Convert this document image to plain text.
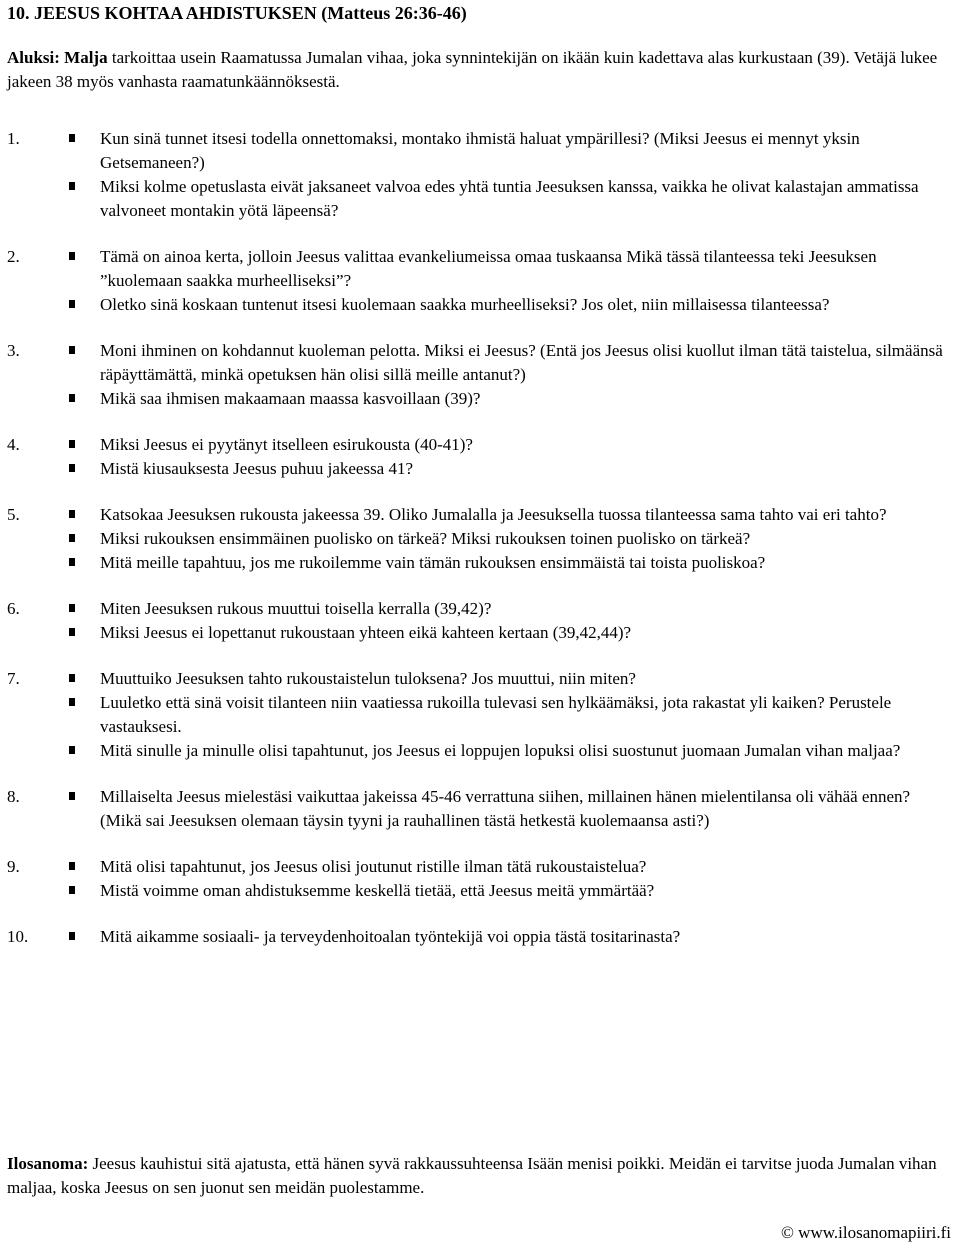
10. JEESUS KOHTAA AHDISTUKSEN (Matteus 26:36-46)

Aluksi: Malja tarkoittaa usein Raamatussa Jumalan vihaa, joka synnintekijän on ikään kuin kadettava alas kurkustaan (39). Vetäjä lukee jakeen 38 myös vanhasta raamatunkäännöksestä.

1.	Kun sinä tunnet itsesi todella onnettomaksi, montako ihmistä haluat ympärillesi? (Miksi Jeesus ei mennyt yksin Getsemaneen?)
Miksi kolme opetuslasta eivät jaksaneet valvoa edes yhtä tuntia Jeesuksen kanssa, vaikka he olivat kalastajan ammatissa valvoneet montakin yötä läpeensä?
2.	Tämä on ainoa kerta, jolloin Jeesus valittaa evankeliumeissa omaa tuskaansa Mikä tässä tilanteessa teki Jeesuksen ”kuolemaan saakka murheelliseksi”?
Oletko sinä koskaan tuntenut itsesi kuolemaan saakka murheelliseksi? Jos olet, niin millaisessa tilanteessa?
3.	Moni ihminen on kohdannut kuoleman pelotta. Miksi ei Jeesus? (Entä jos Jeesus olisi kuollut ilman tätä taistelua, silmäänsä räpäyttämättä, minkä opetuksen hän olisi sillä meille antanut?)
Mikä saa ihmisen makaamaan maassa kasvoillaan (39)?
4.	Miksi Jeesus ei pyytänyt itselleen esirukousta (40-41)?
Mistä kiusauksesta Jeesus puhuu jakeessa 41?
5.	Katsokaa Jeesuksen rukousta jakeessa 39. Oliko Jumalalla ja Jeesuksella tuossa tilanteessa sama tahto vai eri tahto?
Miksi rukouksen ensimmäinen puolisko on tärkeä? Miksi rukouksen toinen puolisko on tärkeä?
Mitä meille tapahtuu, jos me rukoilemme vain tämän rukouksen ensimmäistä tai toista puoliskoa?
6.	Miten Jeesuksen rukous muuttui toisella kerralla (39,42)?
Miksi Jeesus ei lopettanut rukoustaan yhteen eikä kahteen kertaan (39,42,44)?
7.	Muuttuiko Jeesuksen tahto rukoustaistelun tuloksena? Jos muuttui, niin miten?
Luuletko että sinä voisit tilanteen niin vaatiessa rukoilla tulevasi sen hylkäämäksi, jota rakastat yli kaiken? Perustele vastauksesi.
Mitä sinulle ja minulle olisi tapahtunut, jos Jeesus ei loppujen lopuksi olisi suostunut juomaan Jumalan vihan maljaa?
8.	Millaiselta Jeesus mielestäsi vaikuttaa jakeissa 45-46 verrattuna siihen, millainen hänen mielentilansa oli vähää ennen? (Mikä sai Jeesuksen olemaan täysin tyyni ja rauhallinen tästä hetkestä kuolemaansa asti?)
9.	Mitä olisi tapahtunut, jos Jeesus olisi joutunut ristille ilman tätä rukoustaistelua?
Mistä voimme oman ahdistuksemme keskellä tietää, että Jeesus meitä ymmärtää?
10.	Mitä aikamme sosiaali- ja terveydenhoitoalan työntekijä voi oppia tästä tositarinasta?

Ilosanoma: Jeesus kauhistui sitä ajatusta, että hänen syvä rakkaussuhteensa Isään menisi poikki. Meidän ei tarvitse juoda Jumalan vihan maljaa, koska Jeesus on sen juonut sen meidän puolestamme.

© www.ilosanomapiiri.fi
